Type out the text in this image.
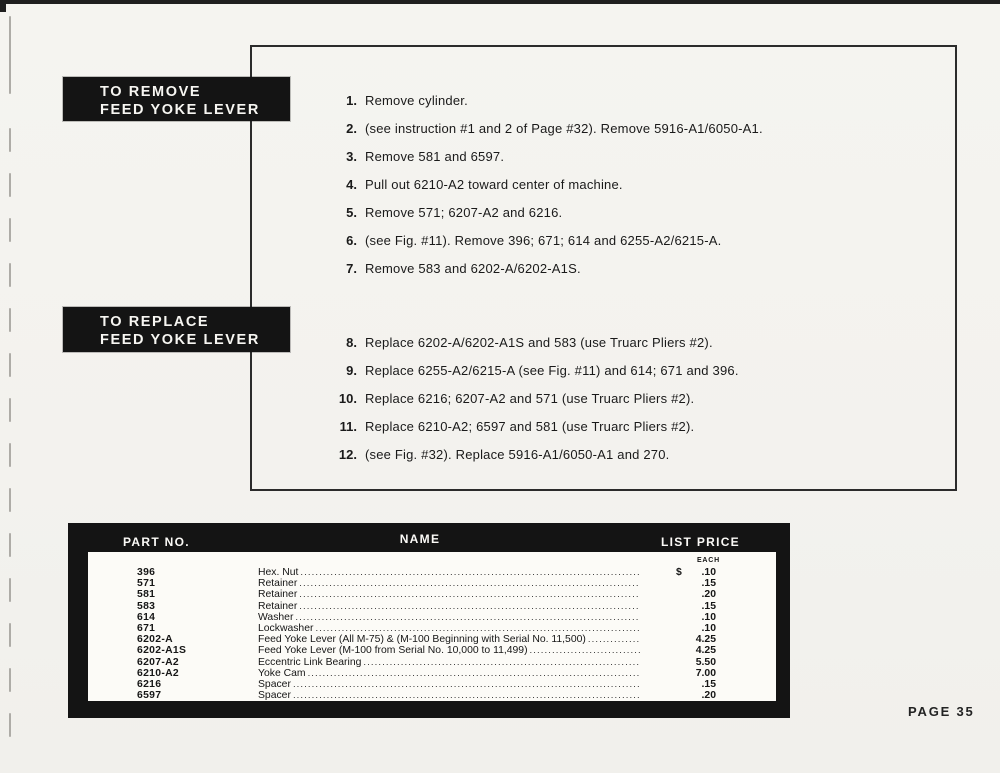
TO REMOVE
FEED YOKE LEVER
TO REPLACE
FEED YOKE LEVER
1. Remove cylinder.
2. (see instruction #1 and 2 of Page #32). Remove 5916-A1/6050-A1.
3. Remove 581 and 6597.
4. Pull out 6210-A2 toward center of machine.
5. Remove 571; 6207-A2 and 6216.
6. (see Fig. #11). Remove 396; 671; 614 and 6255-A2/6215-A.
7. Remove 583 and 6202-A/6202-A1S.
8. Replace 6202-A/6202-A1S and 583 (use Truarc Pliers #2).
9. Replace 6255-A2/6215-A (see Fig. #11) and 614; 671 and 396.
10. Replace 6216; 6207-A2 and 571 (use Truarc Pliers #2).
11. Replace 6210-A2; 6597 and 581 (use Truarc Pliers #2).
12. (see Fig. #32). Replace 5916-A1/6050-A1 and 270.
PART NO.	NAME	LIST PRICE
EACH
396	Hex. Nut .....	$ .10
571	Retainer .....	.15
581	Retainer .....	.20
583	Retainer .....	.15
614	Washer .....	.10
671	Lockwasher .....	.10
6202-A	Feed Yoke Lever (All M-75) & (M-100 Beginning with Serial No. 11,500) .....	4.25
6202-A1S	Feed Yoke Lever (M-100 from Serial No. 10,000 to 11,499) .....	4.25
6207-A2	Eccentric Link Bearing .....	5.50
6210-A2	Yoke Cam .....	7.00
6216	Spacer .....	.15
6597	Spacer .....	.20
PAGE 35
